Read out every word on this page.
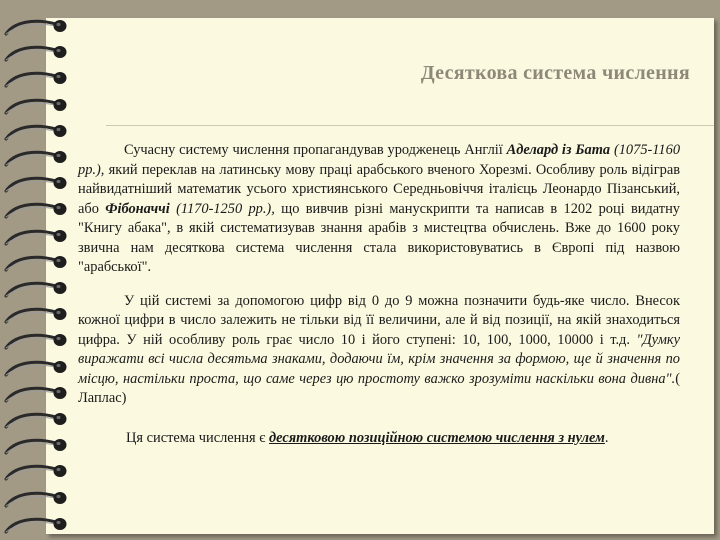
Десяткова система числення

Сучасну систему числення пропагандував уродженець Англії Аделард із Бата (1075-1160 рр.), який переклав на латинську мову праці арабського вченого Хорезмі. Особливу роль відіграв найвидатніший математик усього християнського Середньовіччя італієць Леонардо Пізанський, або Фібоначчі (1170-1250 рр.), що вивчив різні манускрипти та написав в 1202 році видатну "Книгу абака", в якій систематизував знання арабів з мистецтва обчислень. Вже до 1600 року звична нам десяткова система числення стала використовуватись в Європі під назвою "арабської".

У цій системі за допомогою цифр від 0 до 9 можна позначити будь-яке число. Внесок кожної цифри в число залежить не тільки від її величини, але й від позиції, на якій знаходиться цифра. У ній особливу роль грає число 10 і його ступені: 10, 100, 1000, 10000 і т.д. "Думку виражати всі числа десятьма знаками, додаючи їм, крім значення за формою, ще й значення по місцю, настільки проста, що саме через цю простоту важко зрозуміти наскільки вона дивна".( Лаплас)

Ця система числення є десятковою позиційною системою числення з нулем.
